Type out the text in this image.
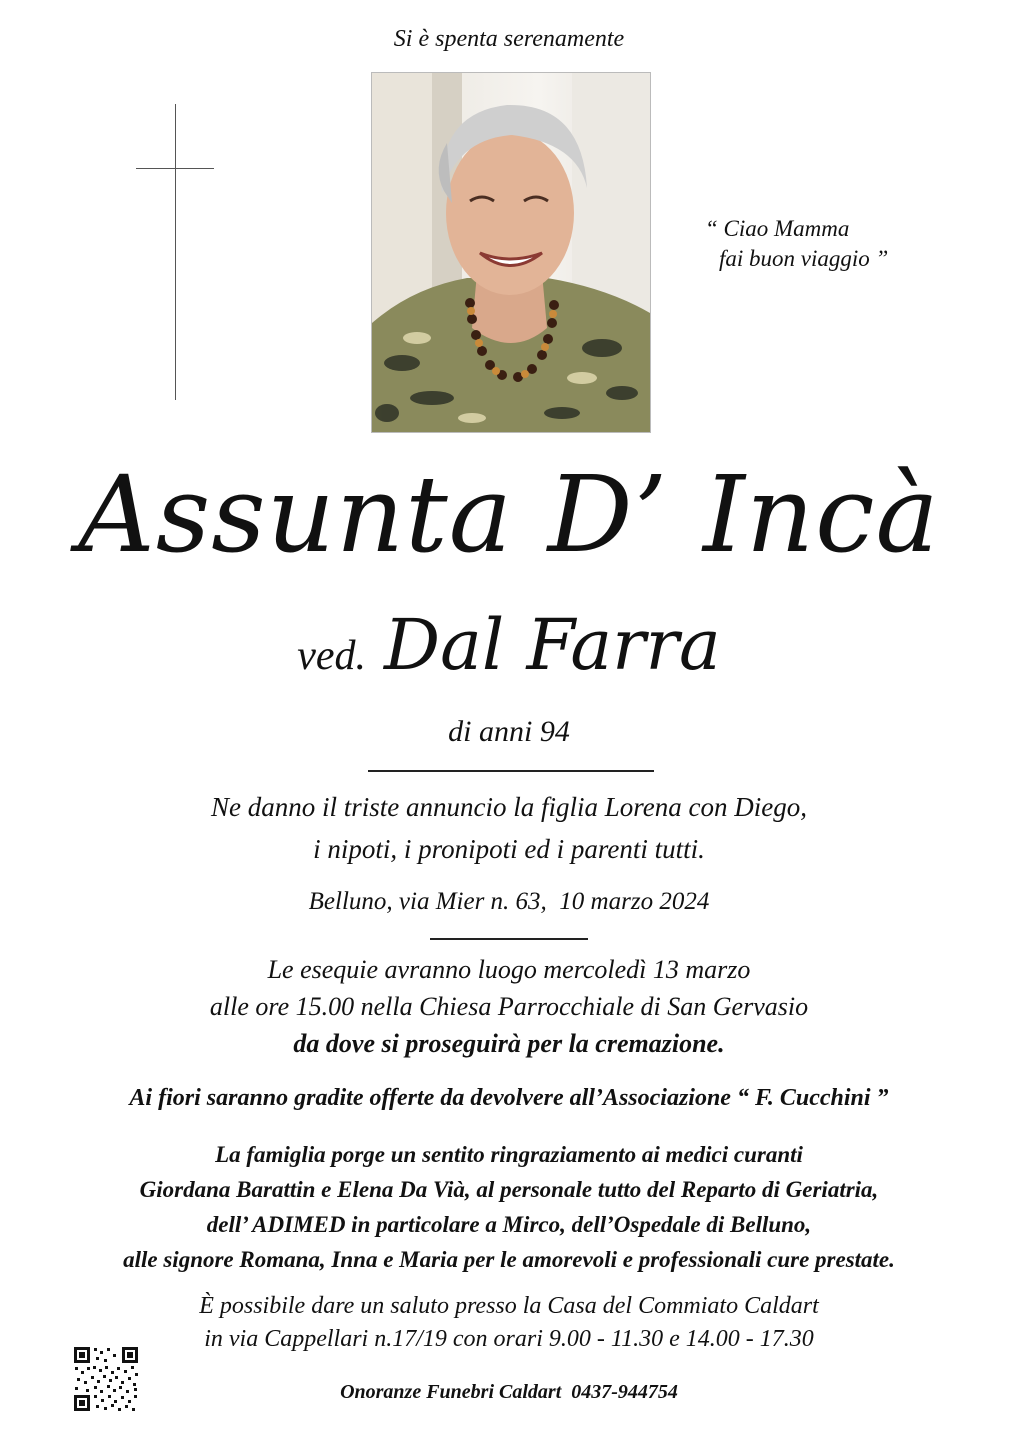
Si è spenta serenamente
“ Ciao Mamma
fai buon viaggio ”
Assunta D’ Incà
ved. Dal Farra
di anni 94
Ne danno il triste annuncio la figlia Lorena con Diego,
i nipoti, i pronipoti ed i parenti tutti.
Belluno, via Mier n. 63,  10 marzo 2024
Le esequie avranno luogo mercoledì 13 marzo
alle ore 15.00 nella Chiesa Parrocchiale di San Gervasio
da dove si proseguirà per la cremazione.
Ai fiori saranno gradite offerte da devolvere all’Associazione “ F. Cucchini ”
La famiglia porge un sentito ringraziamento ai medici curanti
Giordana Barattin e Elena Da Vià, al personale tutto del Reparto di Geriatria,
dell’ ADIMED in particolare a Mirco, dell’Ospedale di Belluno,
alle signore Romana, Inna e Maria per le amorevoli e professionali cure prestate.
È possibile dare un saluto presso la Casa del Commiato Caldart
in via Cappellari n.17/19 con orari 9.00 - 11.30 e 14.00 - 17.30
Onoranze Funebri Caldart  0437-944754
